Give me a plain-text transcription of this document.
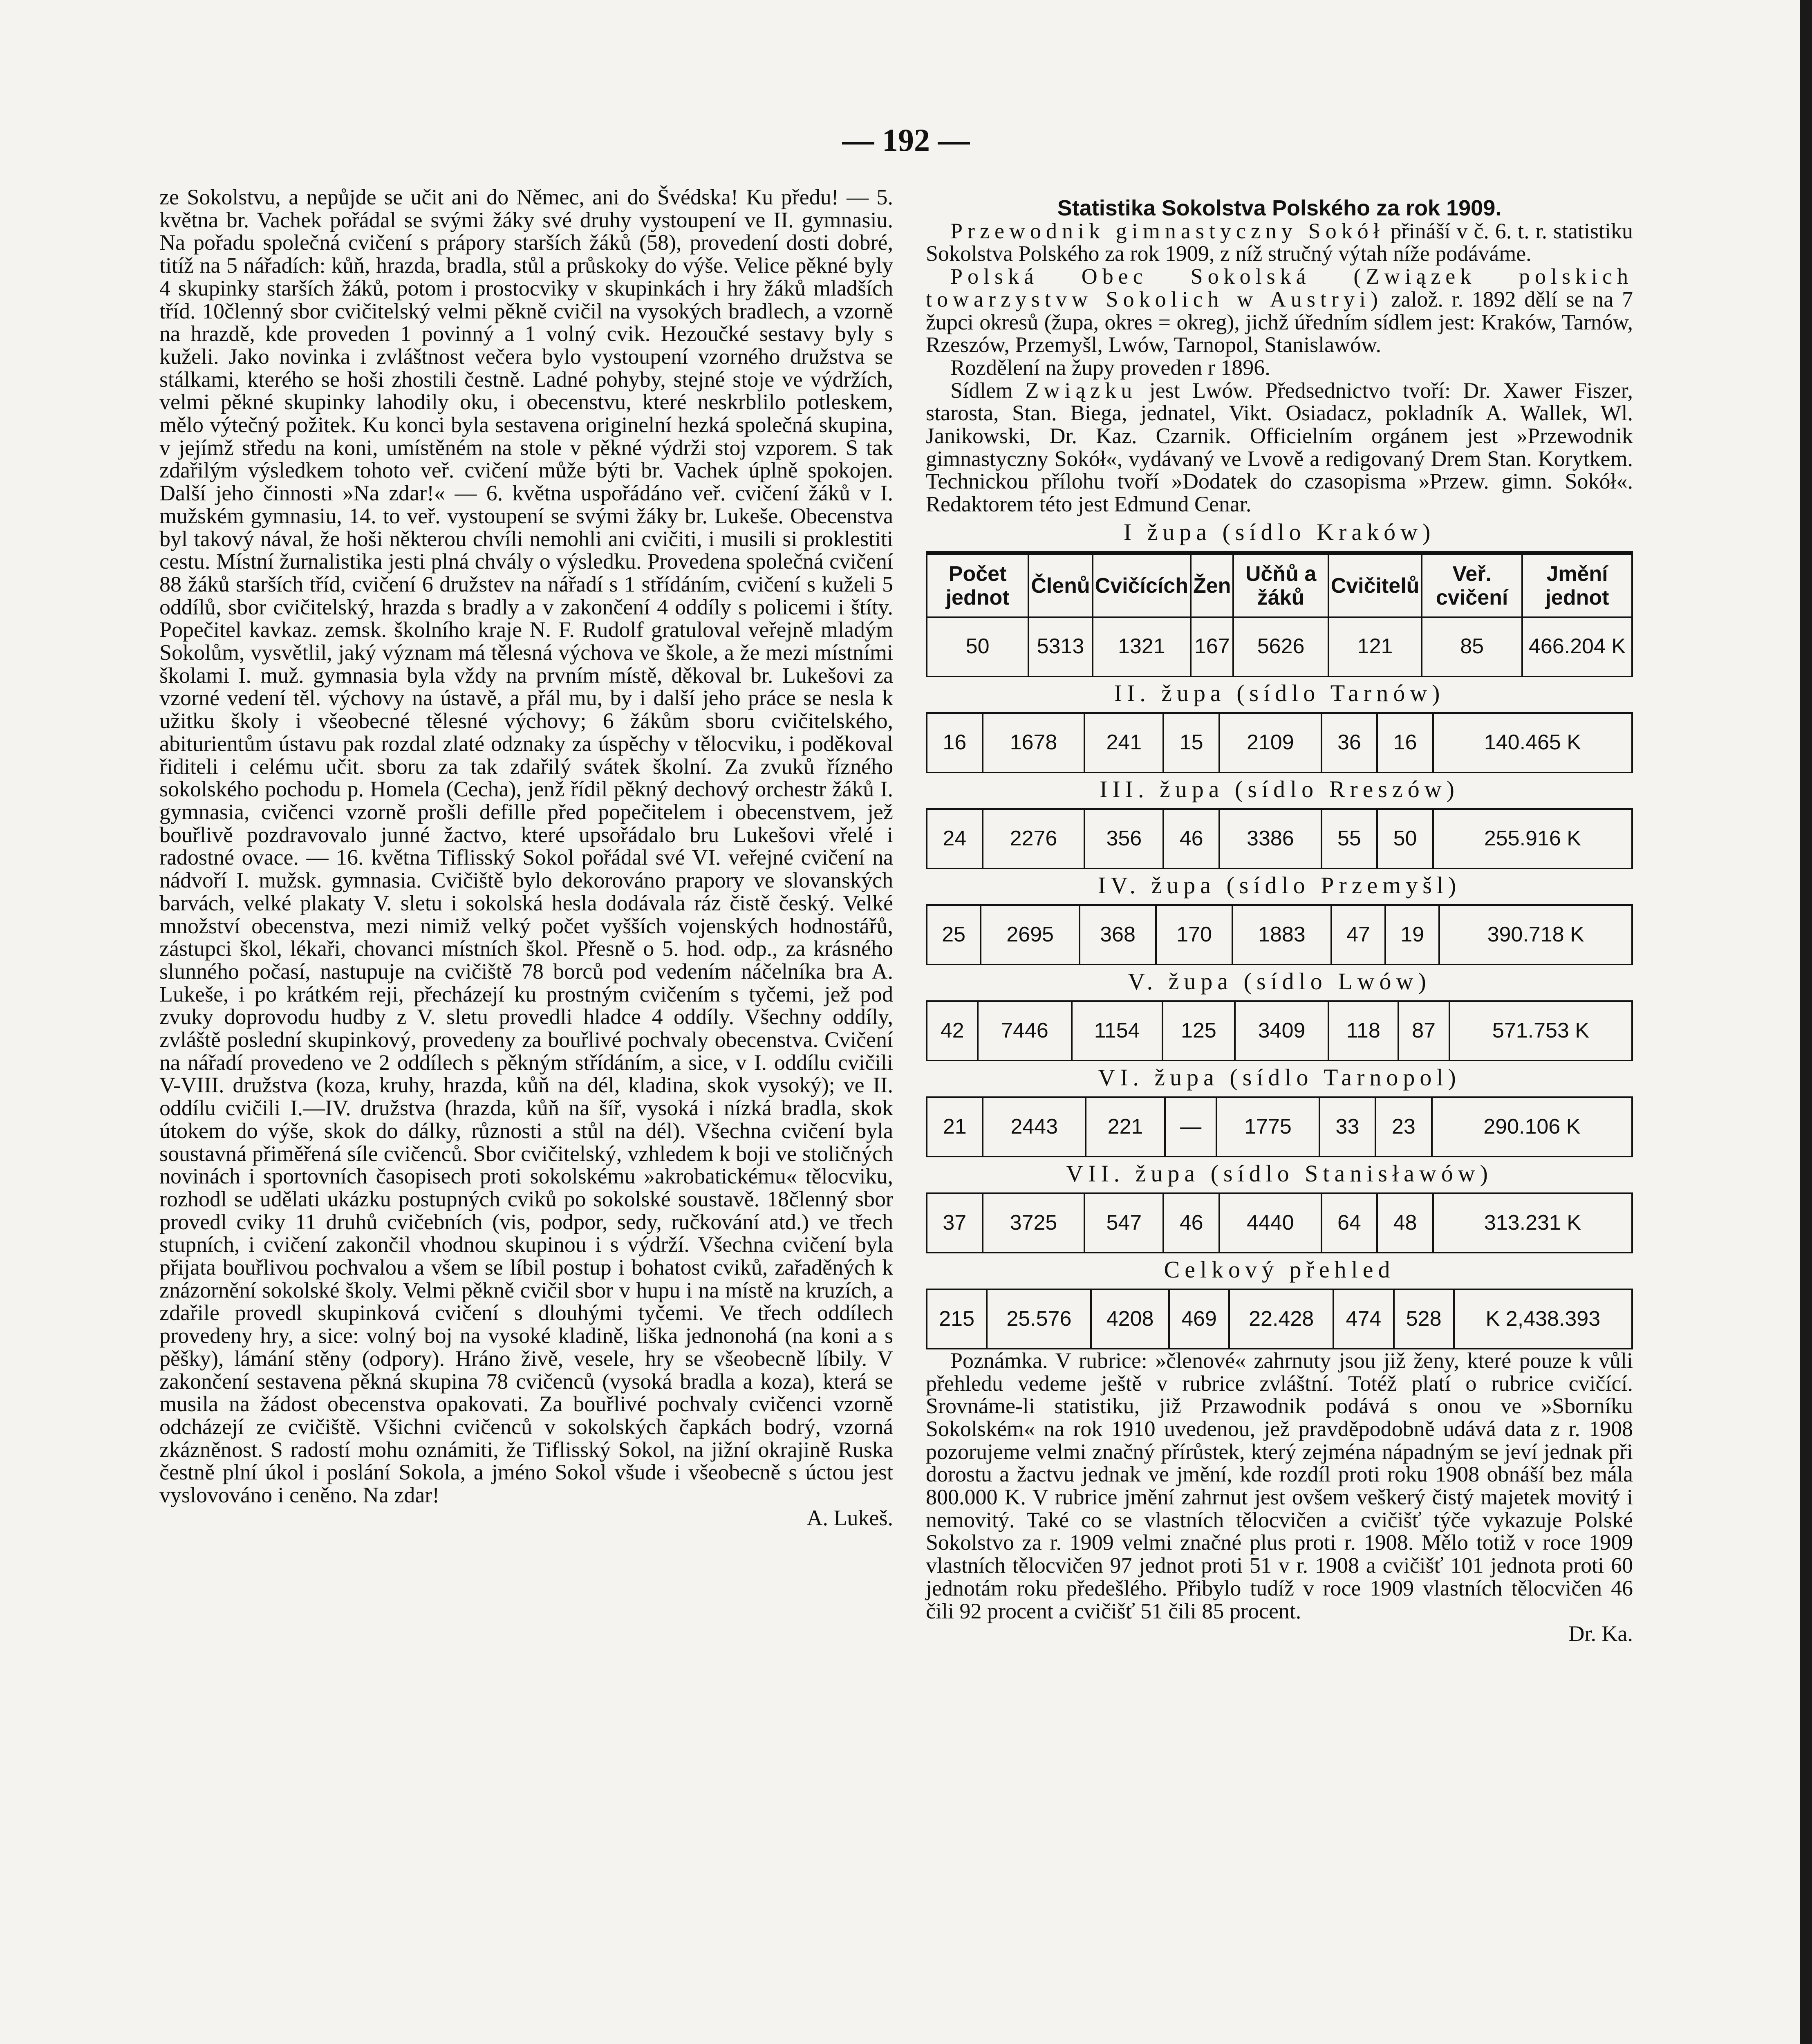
— 192 —

ze Sokolstvu, a nepůjde se učit ani do Němec, ani do Švédska! Ku předu! — 5. května br. Vachek pořádal se svými žáky své druhy vystoupení ve II. gymnasiu. Na pořadu společná cvičení s prápory starších žáků (58), provedení dosti dobré, titíž na 5 nářadích: kůň, hrazda, bradla, stůl a průskoky do výše. Velice pěkné byly 4 skupinky starších žáků, potom i prostocviky v skupinkách i hry žáků mladších tříd. 10členný sbor cvičitelský velmi pěkně cvičil na vysokých bradlech, a vzorně na hrazdě, kde proveden 1 povinný a 1 volný cvik. Hezoučké sestavy byly s kuželi. Jako novinka i zvláštnost večera bylo vystoupení vzorného družstva se stálkami, kterého se hoši zhostili čestně. Ladné pohyby, stejné stoje ve výdržích, velmi pěkné skupinky lahodily oku, i obecenstvu, které neskrblilo potleskem, mělo výtečný požitek. Ku konci byla sestavena originelní hezká společná skupina, v jejímž středu na koni, umístěném na stole v pěkné výdrži stoj vzporem. S tak zdařilým výsledkem tohoto veř. cvičení může býti br. Vachek úplně spokojen. Další jeho činnosti »Na zdar!« — 6. května uspořádáno veř. cvičení žáků v I. mužském gymnasiu, 14. to veř. vystoupení se svými žáky br. Lukeše. Obecenstva byl takový nával, že hoši některou chvíli nemohli ani cvičiti, i musili si proklestiti cestu. Místní žurnalistika jesti plná chvály o výsledku. Provedena společná cvičení 88 žáků starších tříd, cvičení 6 družstev na nářadí s 1 střídáním, cvičení s kuželi 5 oddílů, sbor cvičitelský, hrazda s bradly a v zakončení 4 oddíly s policemi i štíty. Popečitel kavkaz. zemsk. školního kraje N. F. Rudolf gratuloval veřejně mladým Sokolům, vysvětlil, jaký význam má tělesná výchova ve škole, a že mezi místními školami I. muž. gymnasia byla vždy na prvním místě, děkoval br. Lukešovi za vzorné vedení těl. výchovy na ústavě, a přál mu, by i další jeho práce se nesla k užitku školy i všeobecné tělesné výchovy; 6 žákům sboru cvičitelského, abiturientům ústavu pak rozdal zlaté odznaky za úspěchy v tělocviku, i poděkoval řiditeli i celému učit. sboru za tak zdařilý svátek školní. Za zvuků řízného sokolského pochodu p. Homela (Cecha), jenž řídil pěkný dechový orchestr žáků I. gymnasia, cvičenci vzorně prošli defille před popečitelem i obecenstvem, jež bouřlivě pozdravovalo junné žactvo, které upsořádalo bru Lukešovi vřelé i radostné ovace. — 16. května Tiflisský Sokol pořádal své VI. veřejné cvičení na nádvoří I. mužsk. gymnasia. Cvičiště bylo dekorováno prapory ve slovanských barvách, velké plakaty V. sletu i sokolská hesla dodávala ráz čistě český. Velké množství obecenstva, mezi nimiž velký počet vyšších vojenských hodnostářů, zástupci škol, lékaři, chovanci místních škol. Přesně o 5. hod. odp., za krásného slunného počasí, nastupuje na cvičiště 78 borců pod vedením náčelníka bra A. Lukeše, i po krátkém reji, přecházejí ku prostným cvičením s tyčemi, jež pod zvuky doprovodu hudby z V. sletu provedli hladce 4 oddíly. Všechny oddíly, zvláště poslední skupinkový, provedeny za bouřlivé pochvaly obecenstva. Cvičení na nářadí provedeno ve 2 oddílech s pěkným střídáním, a sice, v I. oddílu cvičili V-VIII. družstva (koza, kruhy, hrazda, kůň na dél, kladina, skok vysoký); ve II. oddílu cvičili I.—IV. družstva (hrazda, kůň na šíř, vysoká i nízká bradla, skok útokem do výše, skok do dálky, různosti a stůl na dél). Všechna cvičení byla soustavná přiměřená síle cvičenců. Sbor cvičitelský, vzhledem k boji ve stoličných novinách i sportovních časopisech proti sokolskému »akrobatickému« tělocviku, rozhodl se udělati ukázku postupných cviků po sokolské soustavě. 18členný sbor provedl cviky 11 druhů cvičebních (vis, podpor, sedy, ručkování atd.) ve třech stupních, i cvičení zakončil vhodnou skupinou i s výdrží. Všechna cvičení byla přijata bouřlivou pochvalou a všem se líbil postup i bohatost cviků, zařaděných k znázornění sokolské školy. Velmi pěkně cvičil sbor v hupu i na místě na kruzích, a zdařile provedl skupinková cvičení s dlouhými tyčemi. Ve třech oddílech provedeny hry, a sice: volný boj na vysoké kladině, liška jednonohá (na koni a s pěšky), lámání stěny (odpory). Hráno živě, vesele, hry se všeobecně líbily. V zakončení sestavena pěkná skupina 78 cvičenců (vysoká bradla a koza), která se musila na žádost obecenstva opakovati. Za bouřlivé pochvaly cvičenci vzorně odcházejí ze cvičiště. Všichni cvičenců v sokolských čapkách bodrý, vzorná zkázněnost. S radostí mohu oznámiti, že Tiflisský Sokol, na jižní okrajině Ruska čestně plní úkol i poslání Sokola, a jméno Sokol všude i všeobecně s úctou jest vyslovováno i ceněno. Na zdar!

A. Lukeš.

Statistika Sokolstva Polského za rok 1909.

Przewodnik gimnastyczny Sokół přináší v č. 6. t. r. statistiku Sokolstva Polského za rok 1909, z níž stručný výtah níže podáváme.

Polská Obec Sokolská (Związek polskich towarzystvw Sokolich w Austryi) založ. r. 1892 dělí se na 7 župci okresů (župa, okres = okreg), jichž úředním sídlem jest: Kraków, Tarnów, Rzeszów, Przemyšl, Lwów, Tarnopol, Stanislawów.

Rozdělení na župy proveden r 1896.

Sídlem Związku jest Lwów. Předsednictvo tvoří: Dr. Xawer Fiszer, starosta, Stan. Biega, jednatel, Vikt. Osiadacz, pokladník A. Wallek, Wl. Janikowski, Dr. Kaz. Czarnik. Officielním orgánem jest »Przewodnik gimnastyczny Sokół«, vydávaný ve Lvově a redigovaný Drem Stan. Korytkem. Technickou přílohu tvoří »Dodatek do czasopisma »Przew. gimn. Sokół«. Redaktorem této jest Edmund Cenar.

I župa (sídlo Kraków)

Počet jednot	Členů	Cvičících	Žen	Učňů a žáků	Cvičitelů	Veř. cvičení	Jmění jednot
50	5313	1321	167	5626	121	85	466.204 K

II. župa (sídlo Tarnów)

16	1678	241	15	2109	36	16	140.465 K

III. župa (sídlo Rreszów)

24	2276	356	46	3386	55	50	255.916 K

IV. župa (sídlo Przemyšl)

25	2695	368	170	1883	47	19	390.718 K

V. župa (sídlo Lwów)

42	7446	1154	125	3409	118	87	571.753 K

VI. župa (sídlo Tarnopol)

21	2443	221	—	1775	33	23	290.106 K

VII. župa (sídlo Stanisławów)

37	3725	547	46	4440	64	48	313.231 K

Celkový přehled

215	25.576	4208	469	22.428	474	528	K 2,438.393

Poznámka. V rubrice: »členové« zahrnuty jsou již ženy, které pouze k vůli přehledu vedeme ještě v rubrice zvláštní. Totéž platí o rubrice cvičící. Srovnáme-li statistiku, již Przawodnik podává s onou ve »Sborníku Sokolském« na rok 1910 uvedenou, jež pravděpodobně udává data z r. 1908 pozorujeme velmi značný přírůstek, který zejména nápadným se jeví jednak při dorostu a žactvu jednak ve jmění, kde rozdíl proti roku 1908 obnáší bez mála 800.000 K. V rubrice jmění zahrnut jest ovšem veškerý čistý majetek movitý i nemovitý. Také co se vlastních tělocvičen a cvičišť týče vykazuje Polské Sokolstvo za r. 1909 velmi značné plus proti r. 1908. Mělo totiž v roce 1909 vlastních tělocvičen 97 jednot proti 51 v r. 1908 a cvičišť 101 jednota proti 60 jednotám roku předešlého. Přibylo tudíž v roce 1909 vlastních tělocvičen 46 čili 92 procent a cvičišť 51 čili 85 procent.

Dr. Ka.
